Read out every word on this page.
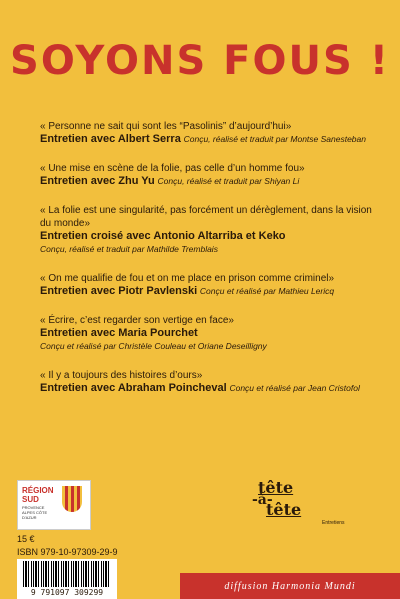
SOYONS FOUS !
« Personne ne sait qui sont les “Pasolinis” d’aujourd’hui»
Entretien avec Albert Serra Conçu, réalisé et traduit par Montse Sanesteban
« Une mise en scène de la folie, pas celle d’un homme fou»
Entretien avec Zhu Yu Conçu, réalisé et traduit par Shiyan Li
« La folie est une singularité, pas forcément un dérèglement, dans la vision du monde»
Entretien croisé avec Antonio Altarriba et Keko
Conçu, réalisé et traduit par Mathilde Tremblais
« On me qualifie de fou et on me place en prison comme criminel»
Entretien avec Piotr Pavlenski Conçu et réalisé par Mathieu Lericq
« Écrire, c’est regarder son vertige en face»
Entretien avec Maria Pourchet
Conçu et réalisé par Christèle Couleau et Oriane Deseilligny
« Il y a toujours des histoires d’ours»
Entretien avec Abraham Poincheval Conçu et réalisé par Jean Cristofol
RÉGION
SUD
PROVENCE ALPES CÔTE D'AZUR
15 €
ISBN 979-10-97309-29-9
9 791097 309299
tête
-à-
tête
Entretiens
diffusion Harmonia Mundi
